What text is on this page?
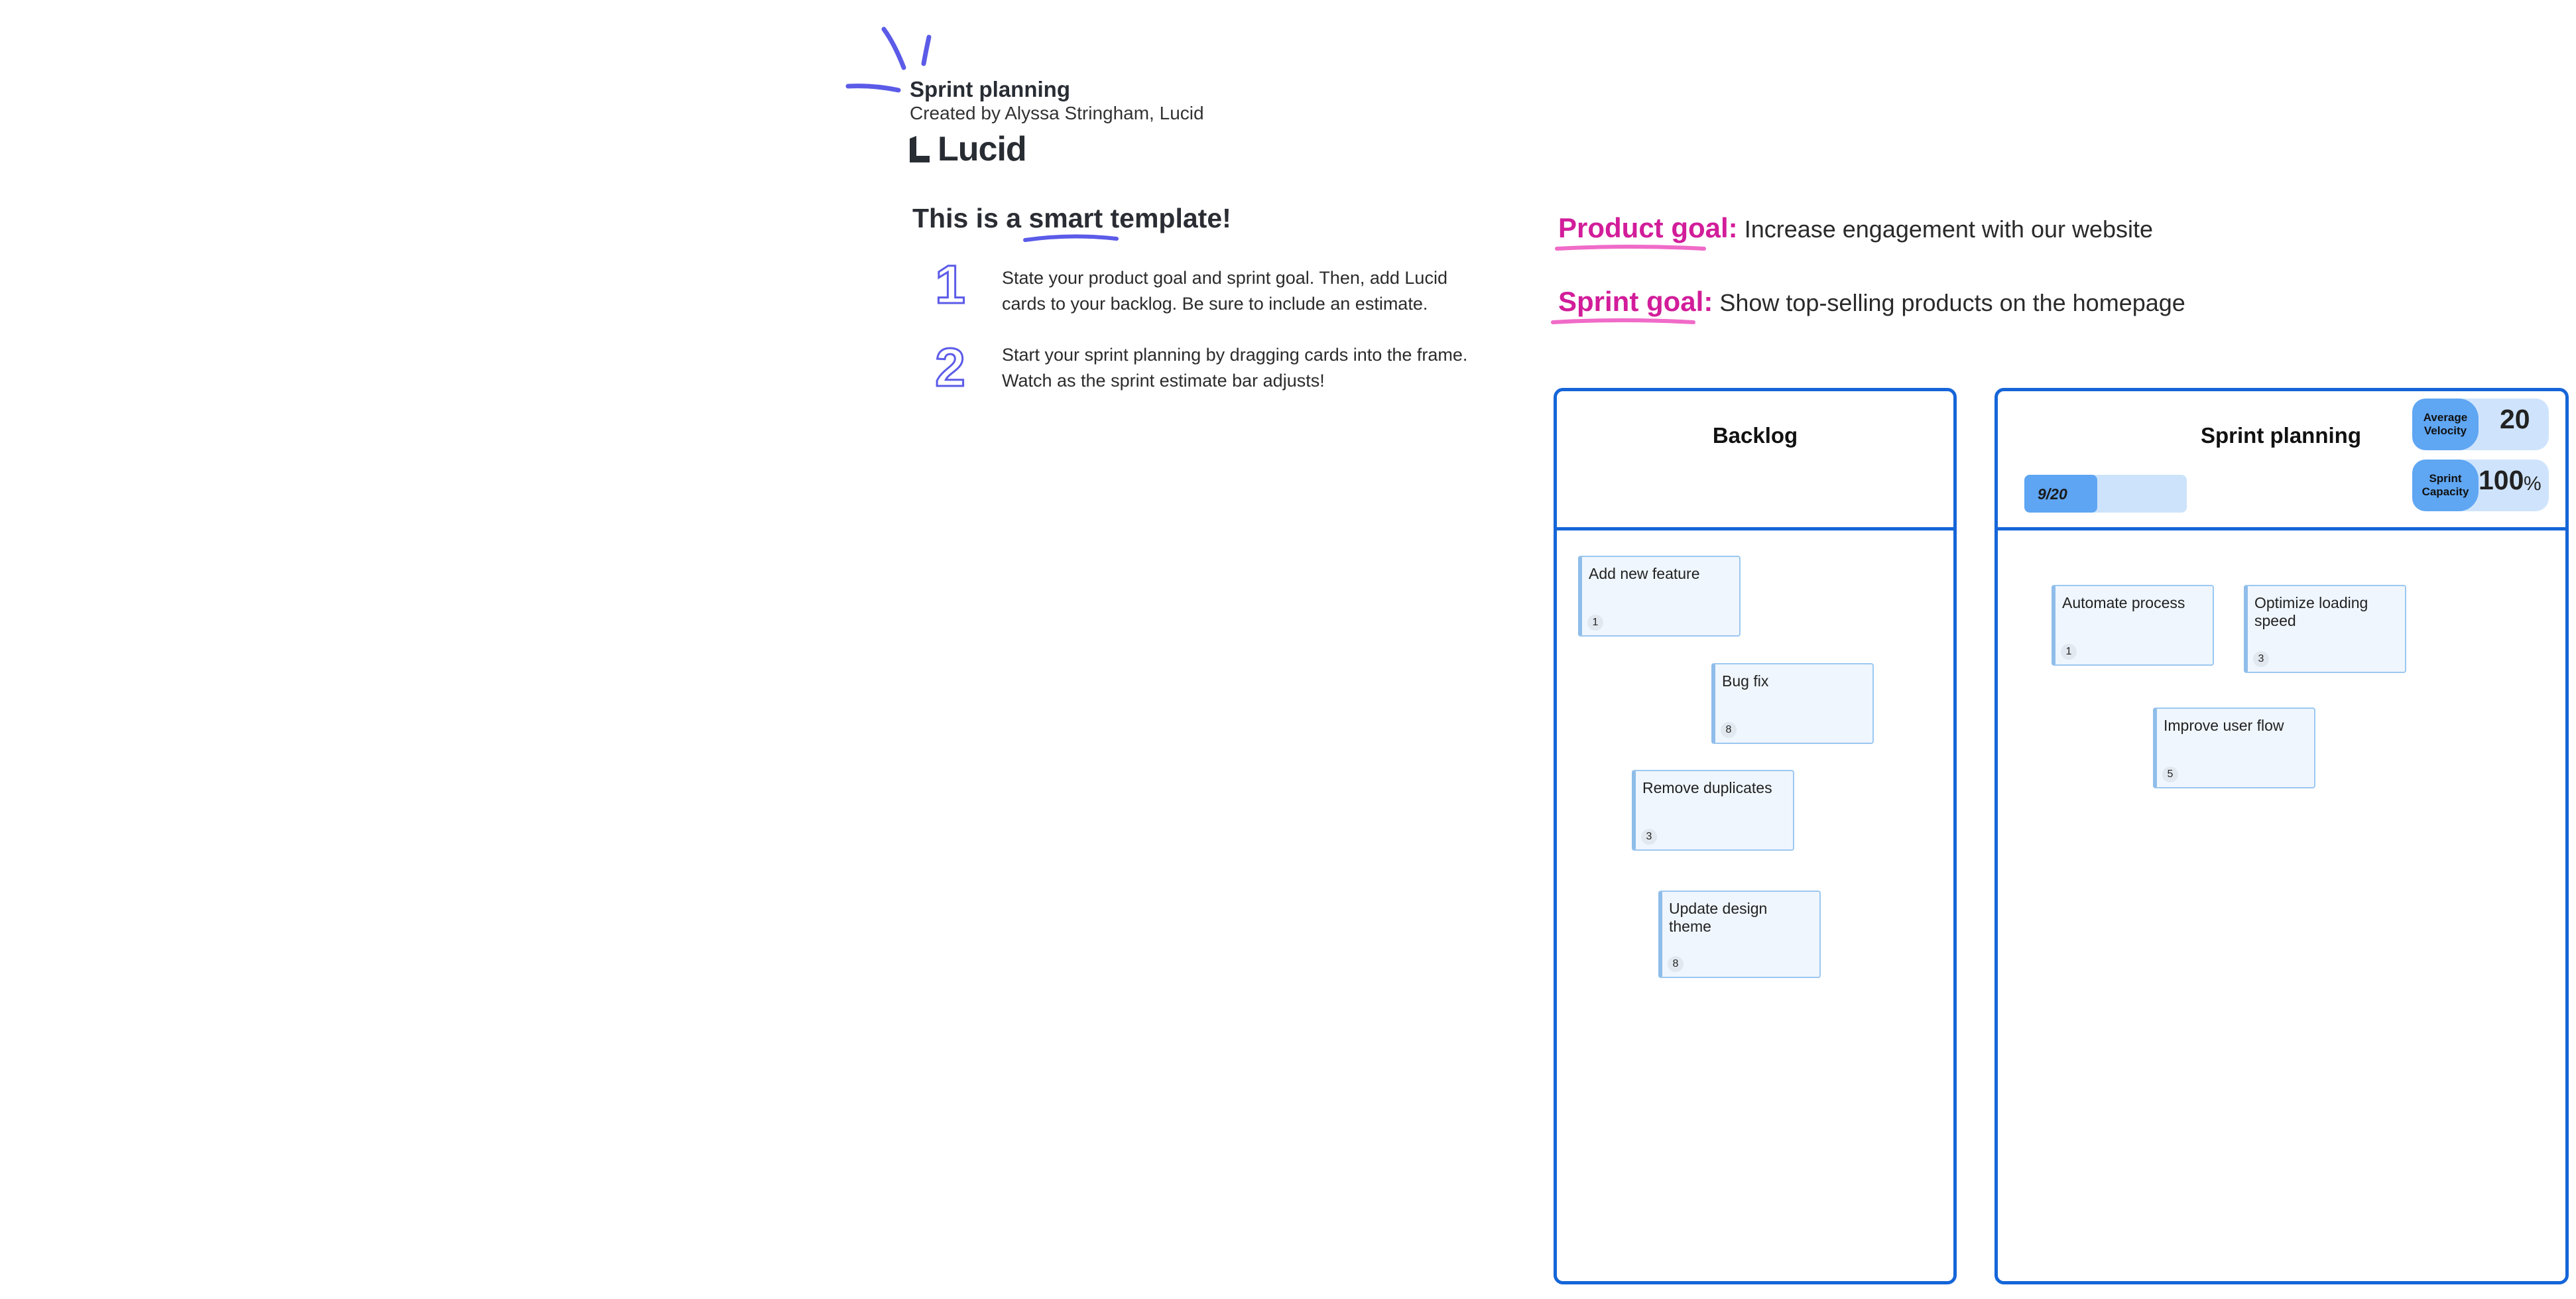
Sprint planning
Created by Alyssa Stringham, Lucid
Lucid
This is a smart template!
1 State your product goal and sprint goal. Then, add Lucid cards to your backlog. Be sure to include an estimate.
2 Start your sprint planning by dragging cards into the frame. Watch as the sprint estimate bar adjusts!
Product goal: Increase engagement with our website
Sprint goal: Show top-selling products on the homepage
Backlog
Add new feature
1
Bug fix
8
Remove duplicates
3
Update design theme
8
Sprint planning
9/20
Average Velocity	20
Sprint Capacity 100 %
Automate process
1
Optimize loading speed
3
Improve user flow
5
